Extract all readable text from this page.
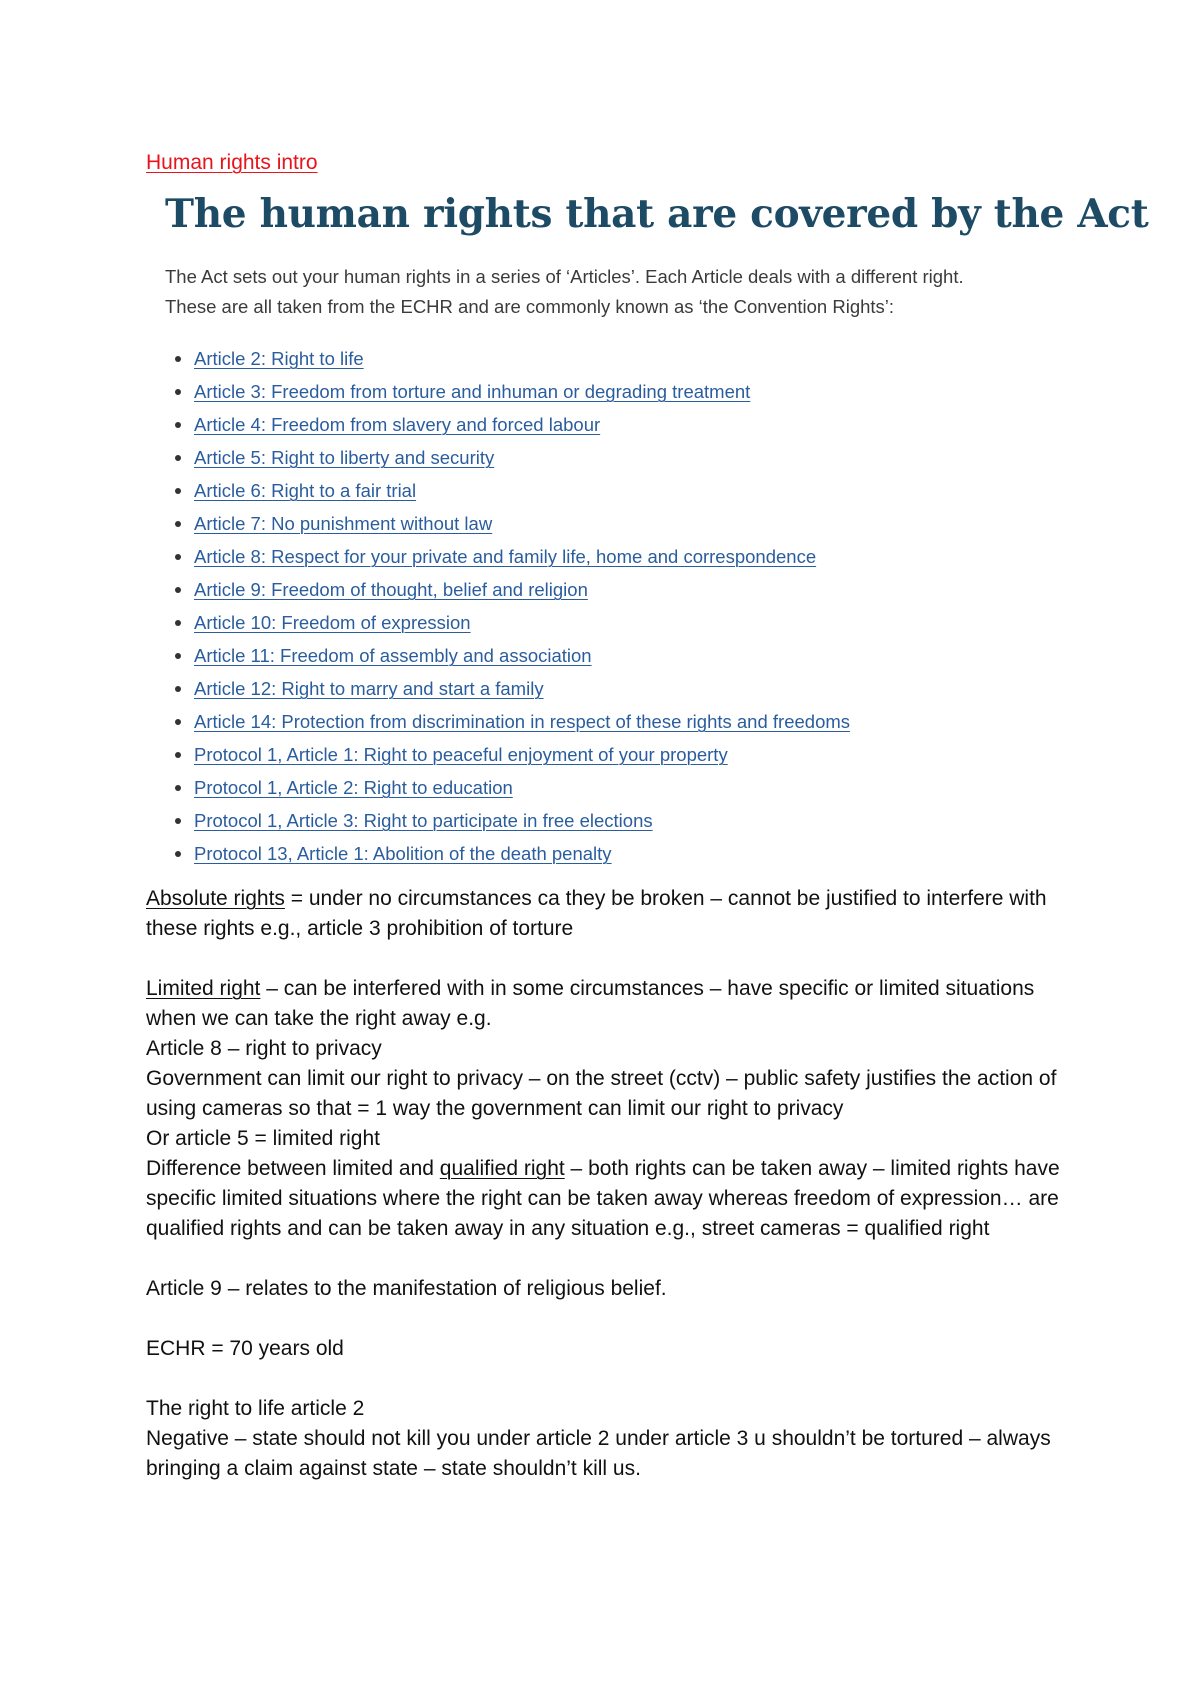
Human rights intro
The human rights that are covered by the Act

The Act sets out your human rights in a series of ‘Articles’. Each Article deals with a different right.
These are all taken from the ECHR and are commonly known as ‘the Convention Rights’:

Article 2: Right to life
Article 3: Freedom from torture and inhuman or degrading treatment
Article 4: Freedom from slavery and forced labour
Article 5: Right to liberty and security
Article 6: Right to a fair trial
Article 7: No punishment without law
Article 8: Respect for your private and family life, home and correspondence
Article 9: Freedom of thought, belief and religion
Article 10: Freedom of expression
Article 11: Freedom of assembly and association
Article 12: Right to marry and start a family
Article 14: Protection from discrimination in respect of these rights and freedoms
Protocol 1, Article 1: Right to peaceful enjoyment of your property
Protocol 1, Article 2: Right to education
Protocol 1, Article 3: Right to participate in free elections
Protocol 13, Article 1: Abolition of the death penalty

Absolute rights = under no circumstances ca they be broken – cannot be justified to interfere with these rights e.g., article 3 prohibition of torture

Limited right – can be interfered with in some circumstances – have specific or limited situations when we can take the right away e.g.

Article 8 – right to privacy

Government can limit our right to privacy – on the street (cctv) – public safety justifies the action of using cameras so that = 1 way the government can limit our right to privacy

Or article 5 = limited right

Difference between limited and qualified right – both rights can be taken away – limited rights have specific limited situations where the right can be taken away whereas freedom of expression… are qualified rights and can be taken away in any situation e.g., street cameras = qualified right

Article 9 – relates to the manifestation of religious belief.

ECHR = 70 years old

The right to life article 2

Negative – state should not kill you under article 2 under article 3 u shouldn’t be tortured – always bringing a claim against state – state shouldn’t kill us.
